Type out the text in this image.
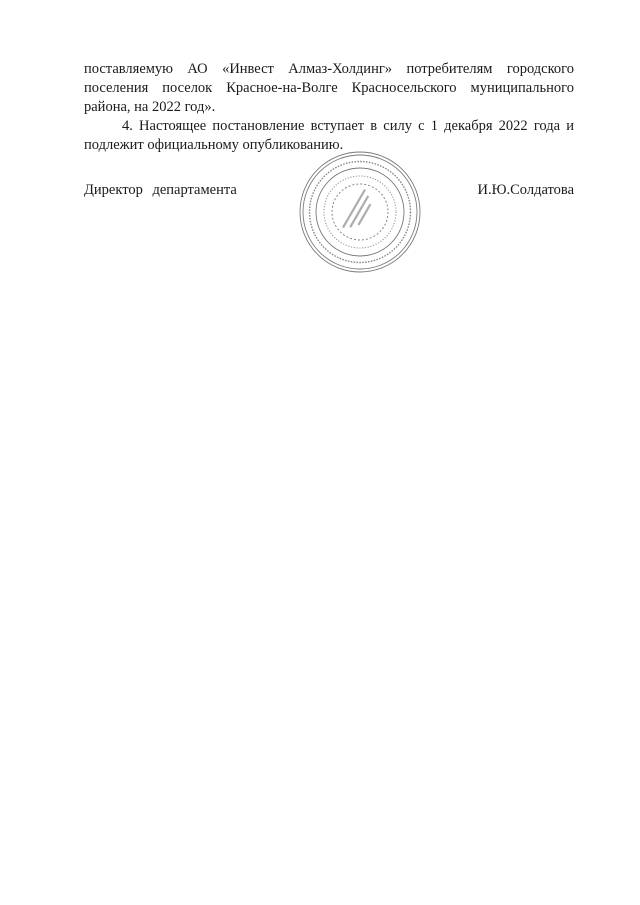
поставляемую АО «Инвест Алмаз-Холдинг» потребителям городского поселения поселок Красное-на-Волге Красносельского муниципального района, на 2022 год».

4. Настоящее постановление вступает в силу с 1 декабря 2022 года и подлежит официальному опубликованию.

Директор департамента	И.Ю.Солдатова
